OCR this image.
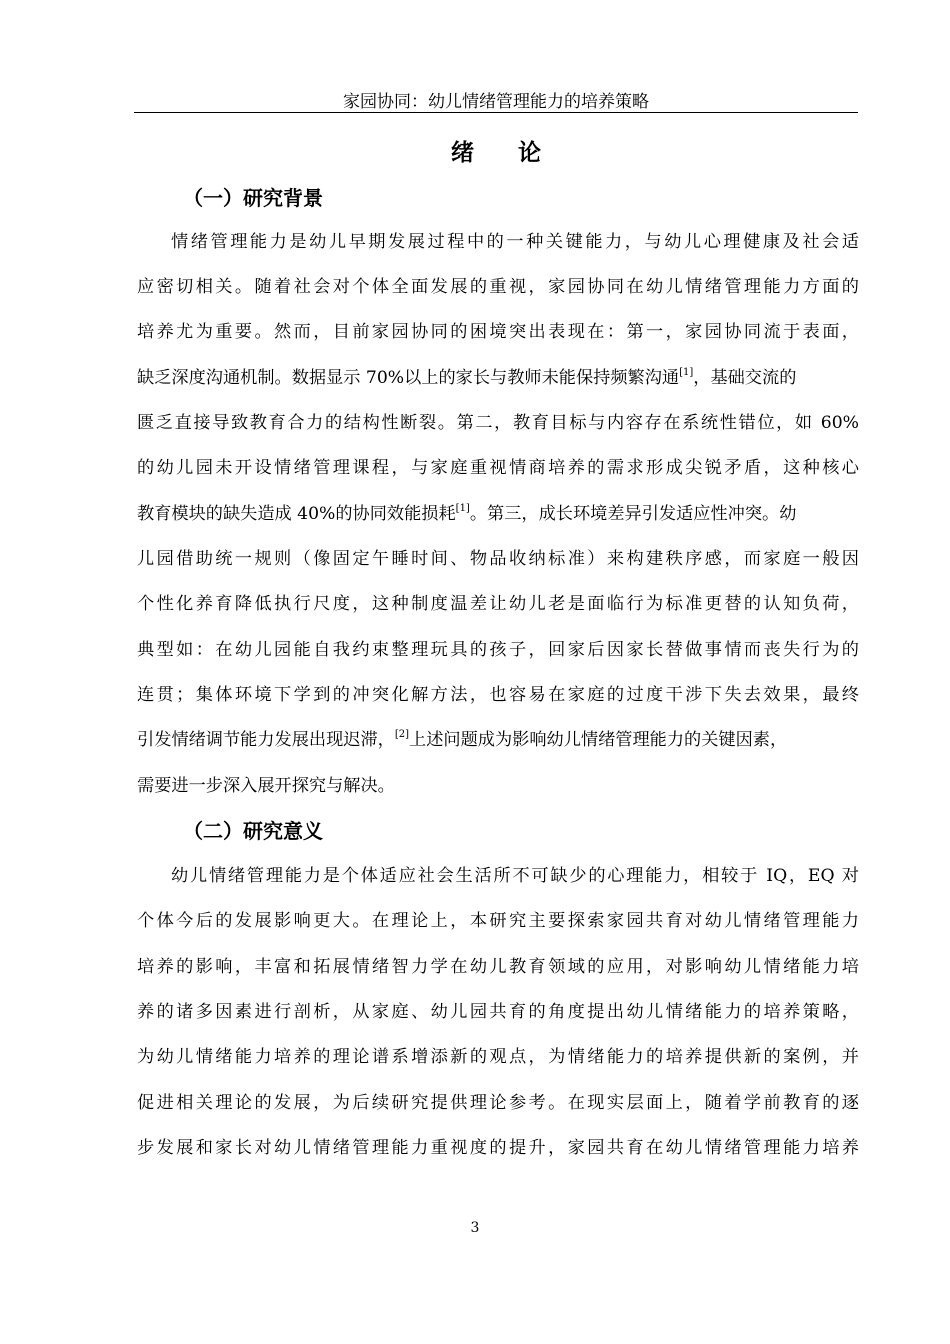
家园协同：幼儿情绪管理能力的培养策略
绪 论
（一）研究背景
情绪管理能力是幼儿早期发展过程中的一种关键能力，与幼儿心理健康及社会适
应密切相关。随着社会对个体全面发展的重视，家园协同在幼儿情绪管理能力方面的
培养尤为重要。然而，目前家园协同的困境突出表现在：第一，家园协同流于表面，
缺乏深度沟通机制。数据显示 70%以上的家长与教师未能保持频繁沟通[1]，基础交流的
匮乏直接导致教育合力的结构性断裂。第二，教育目标与内容存在系统性错位，如 60%
的幼儿园未开设情绪管理课程，与家庭重视情商培养的需求形成尖锐矛盾，这种核心
教育模块的缺失造成 40%的协同效能损耗[1]。第三，成长环境差异引发适应性冲突。幼
儿园借助统一规则（像固定午睡时间、物品收纳标准）来构建秩序感，而家庭一般因
个性化养育降低执行尺度，这种制度温差让幼儿老是面临行为标准更替的认知负荷，
典型如：在幼儿园能自我约束整理玩具的孩子，回家后因家长替做事情而丧失行为的
连贯；集体环境下学到的冲突化解方法，也容易在家庭的过度干涉下失去效果，最终
引发情绪调节能力发展出现迟滞，[2]上述问题成为影响幼儿情绪管理能力的关键因素，
需要进一步深入展开探究与解决。
（二）研究意义
幼儿情绪管理能力是个体适应社会生活所不可缺少的心理能力，相较于 IQ，EQ 对
个体今后的发展影响更大。在理论上，本研究主要探索家园共育对幼儿情绪管理能力
培养的影响，丰富和拓展情绪智力学在幼儿教育领域的应用，对影响幼儿情绪能力培
养的诸多因素进行剖析，从家庭、幼儿园共育的角度提出幼儿情绪能力的培养策略，
为幼儿情绪能力培养的理论谱系增添新的观点，为情绪能力的培养提供新的案例，并
促进相关理论的发展，为后续研究提供理论参考。在现实层面上，随着学前教育的逐
步发展和家长对幼儿情绪管理能力重视度的提升，家园共育在幼儿情绪管理能力培养
3
